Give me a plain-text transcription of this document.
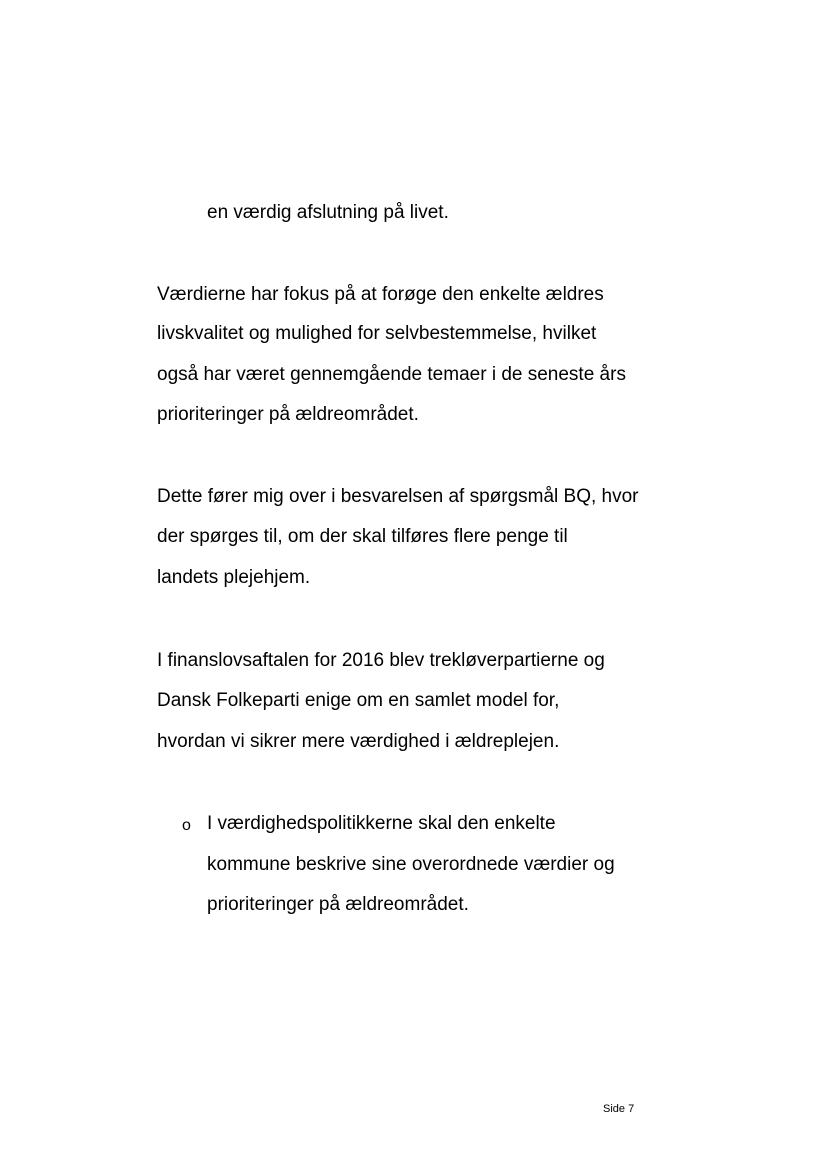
en værdig afslutning på livet.
Værdierne har fokus på at forøge den enkelte ældres
livskvalitet og mulighed for selvbestemmelse, hvilket
også har været gennemgående temaer i de seneste års
prioriteringer på ældreområdet.
Dette fører mig over i besvarelsen af spørgsmål BQ, hvor
der spørges til, om der skal tilføres flere penge til
landets plejehjem.
I finanslovsaftalen for 2016 blev trekløverpartierne og
Dansk Folkeparti enige om en samlet model for,
hvordan vi sikrer mere værdighed i ældreplejen.
o I værdighedspolitikkerne skal den enkelte
kommune beskrive sine overordnede værdier og
prioriteringer på ældreområdet.
Side 7
